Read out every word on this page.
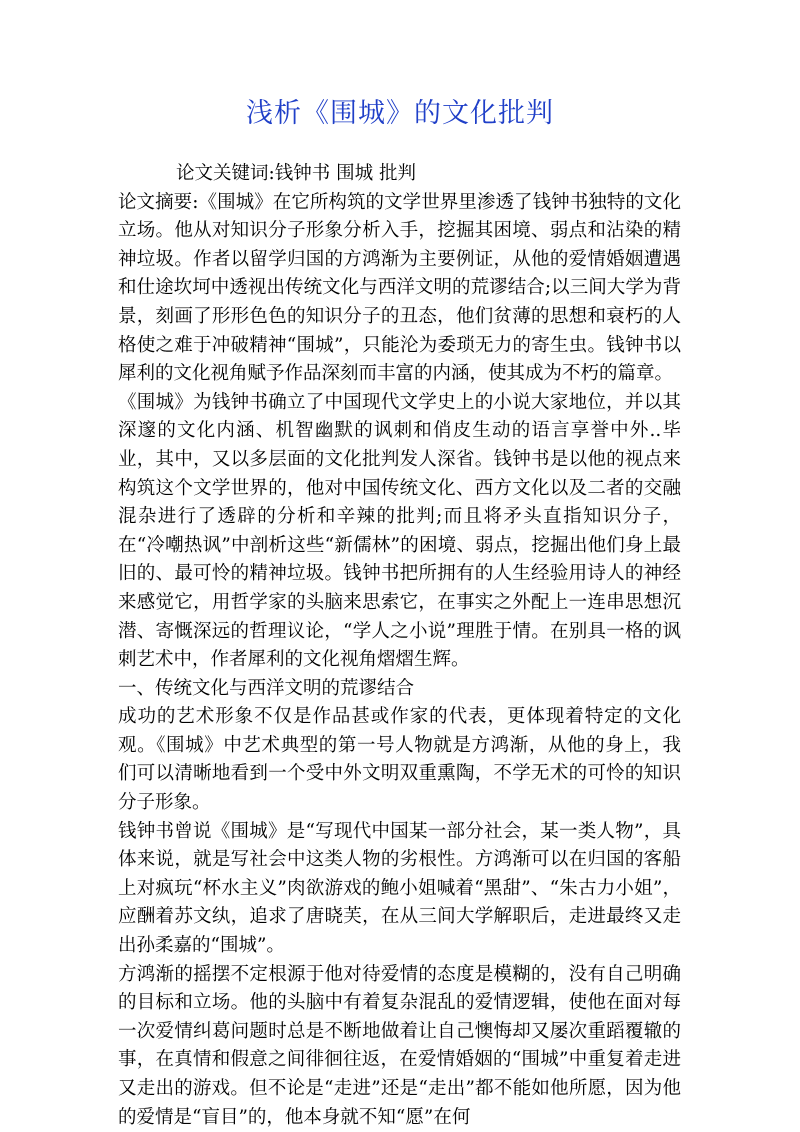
浅析《围城》的文化批判

论文关键词:钱钟书 围城 批判

论文摘要:《围城》在它所构筑的文学世界里渗透了钱钟书独特的文化立场。他从对知识分子形象分析入手，挖掘其困境、弱点和沾染的精神垃圾。作者以留学归国的方鸿渐为主要例证，从他的爱情婚姻遭遇和仕途坎坷中透视出传统文化与西洋文明的荒谬结合;以三间大学为背景，刻画了形形色色的知识分子的丑态，他们贫薄的思想和衰朽的人格使之难于冲破精神“围城”，只能沦为委琐无力的寄生虫。钱钟书以犀利的文化视角赋予作品深刻而丰富的内涵，使其成为不朽的篇章。

《围城》为钱钟书确立了中国现代文学史上的小说大家地位，并以其深邃的文化内涵、机智幽默的讽刺和俏皮生动的语言享誉中外..毕业，其中，又以多层面的文化批判发人深省。钱钟书是以他的视点来构筑这个文学世界的，他对中国传统文化、西方文化以及二者的交融混杂进行了透辟的分析和辛辣的批判;而且将矛头直指知识分子，在“冷嘲热讽”中剖析这些“新儒林”的困境、弱点，挖掘出他们身上最旧的、最可怜的精神垃圾。钱钟书把所拥有的人生经验用诗人的神经来感觉它，用哲学家的头脑来思索它，在事实之外配上一连串思想沉潜、寄慨深远的哲理议论，“学人之小说”理胜于情。在别具一格的讽刺艺术中，作者犀利的文化视角熠熠生辉。

一、传统文化与西洋文明的荒谬结合

成功的艺术形象不仅是作品甚或作家的代表，更体现着特定的文化观。《围城》中艺术典型的第一号人物就是方鸿渐，从他的身上，我们可以清晰地看到一个受中外文明双重熏陶，不学无术的可怜的知识分子形象。

钱钟书曾说《围城》是“写现代中国某一部分社会，某一类人物”，具体来说，就是写社会中这类人物的劣根性。方鸿渐可以在归国的客船上对疯玩“杯水主义”肉欲游戏的鲍小姐喊着“黑甜”、“朱古力小姐”，应酬着苏文纨，追求了唐晓芙，在从三间大学解职后，走进最终又走出孙柔嘉的“围城”。

方鸿渐的摇摆不定根源于他对待爱情的态度是模糊的，没有自己明确的目标和立场。他的头脑中有着复杂混乱的爱情逻辑，使他在面对每一次爱情纠葛问题时总是不断地做着让自己懊悔却又屡次重蹈覆辙的事，在真情和假意之间徘徊往返，在爱情婚姻的“围城”中重复着走进又走出的游戏。但不论是“走进”还是“走出”都不能如他所愿，因为他的爱情是“盲目”的，他本身就不知“愿”在何
